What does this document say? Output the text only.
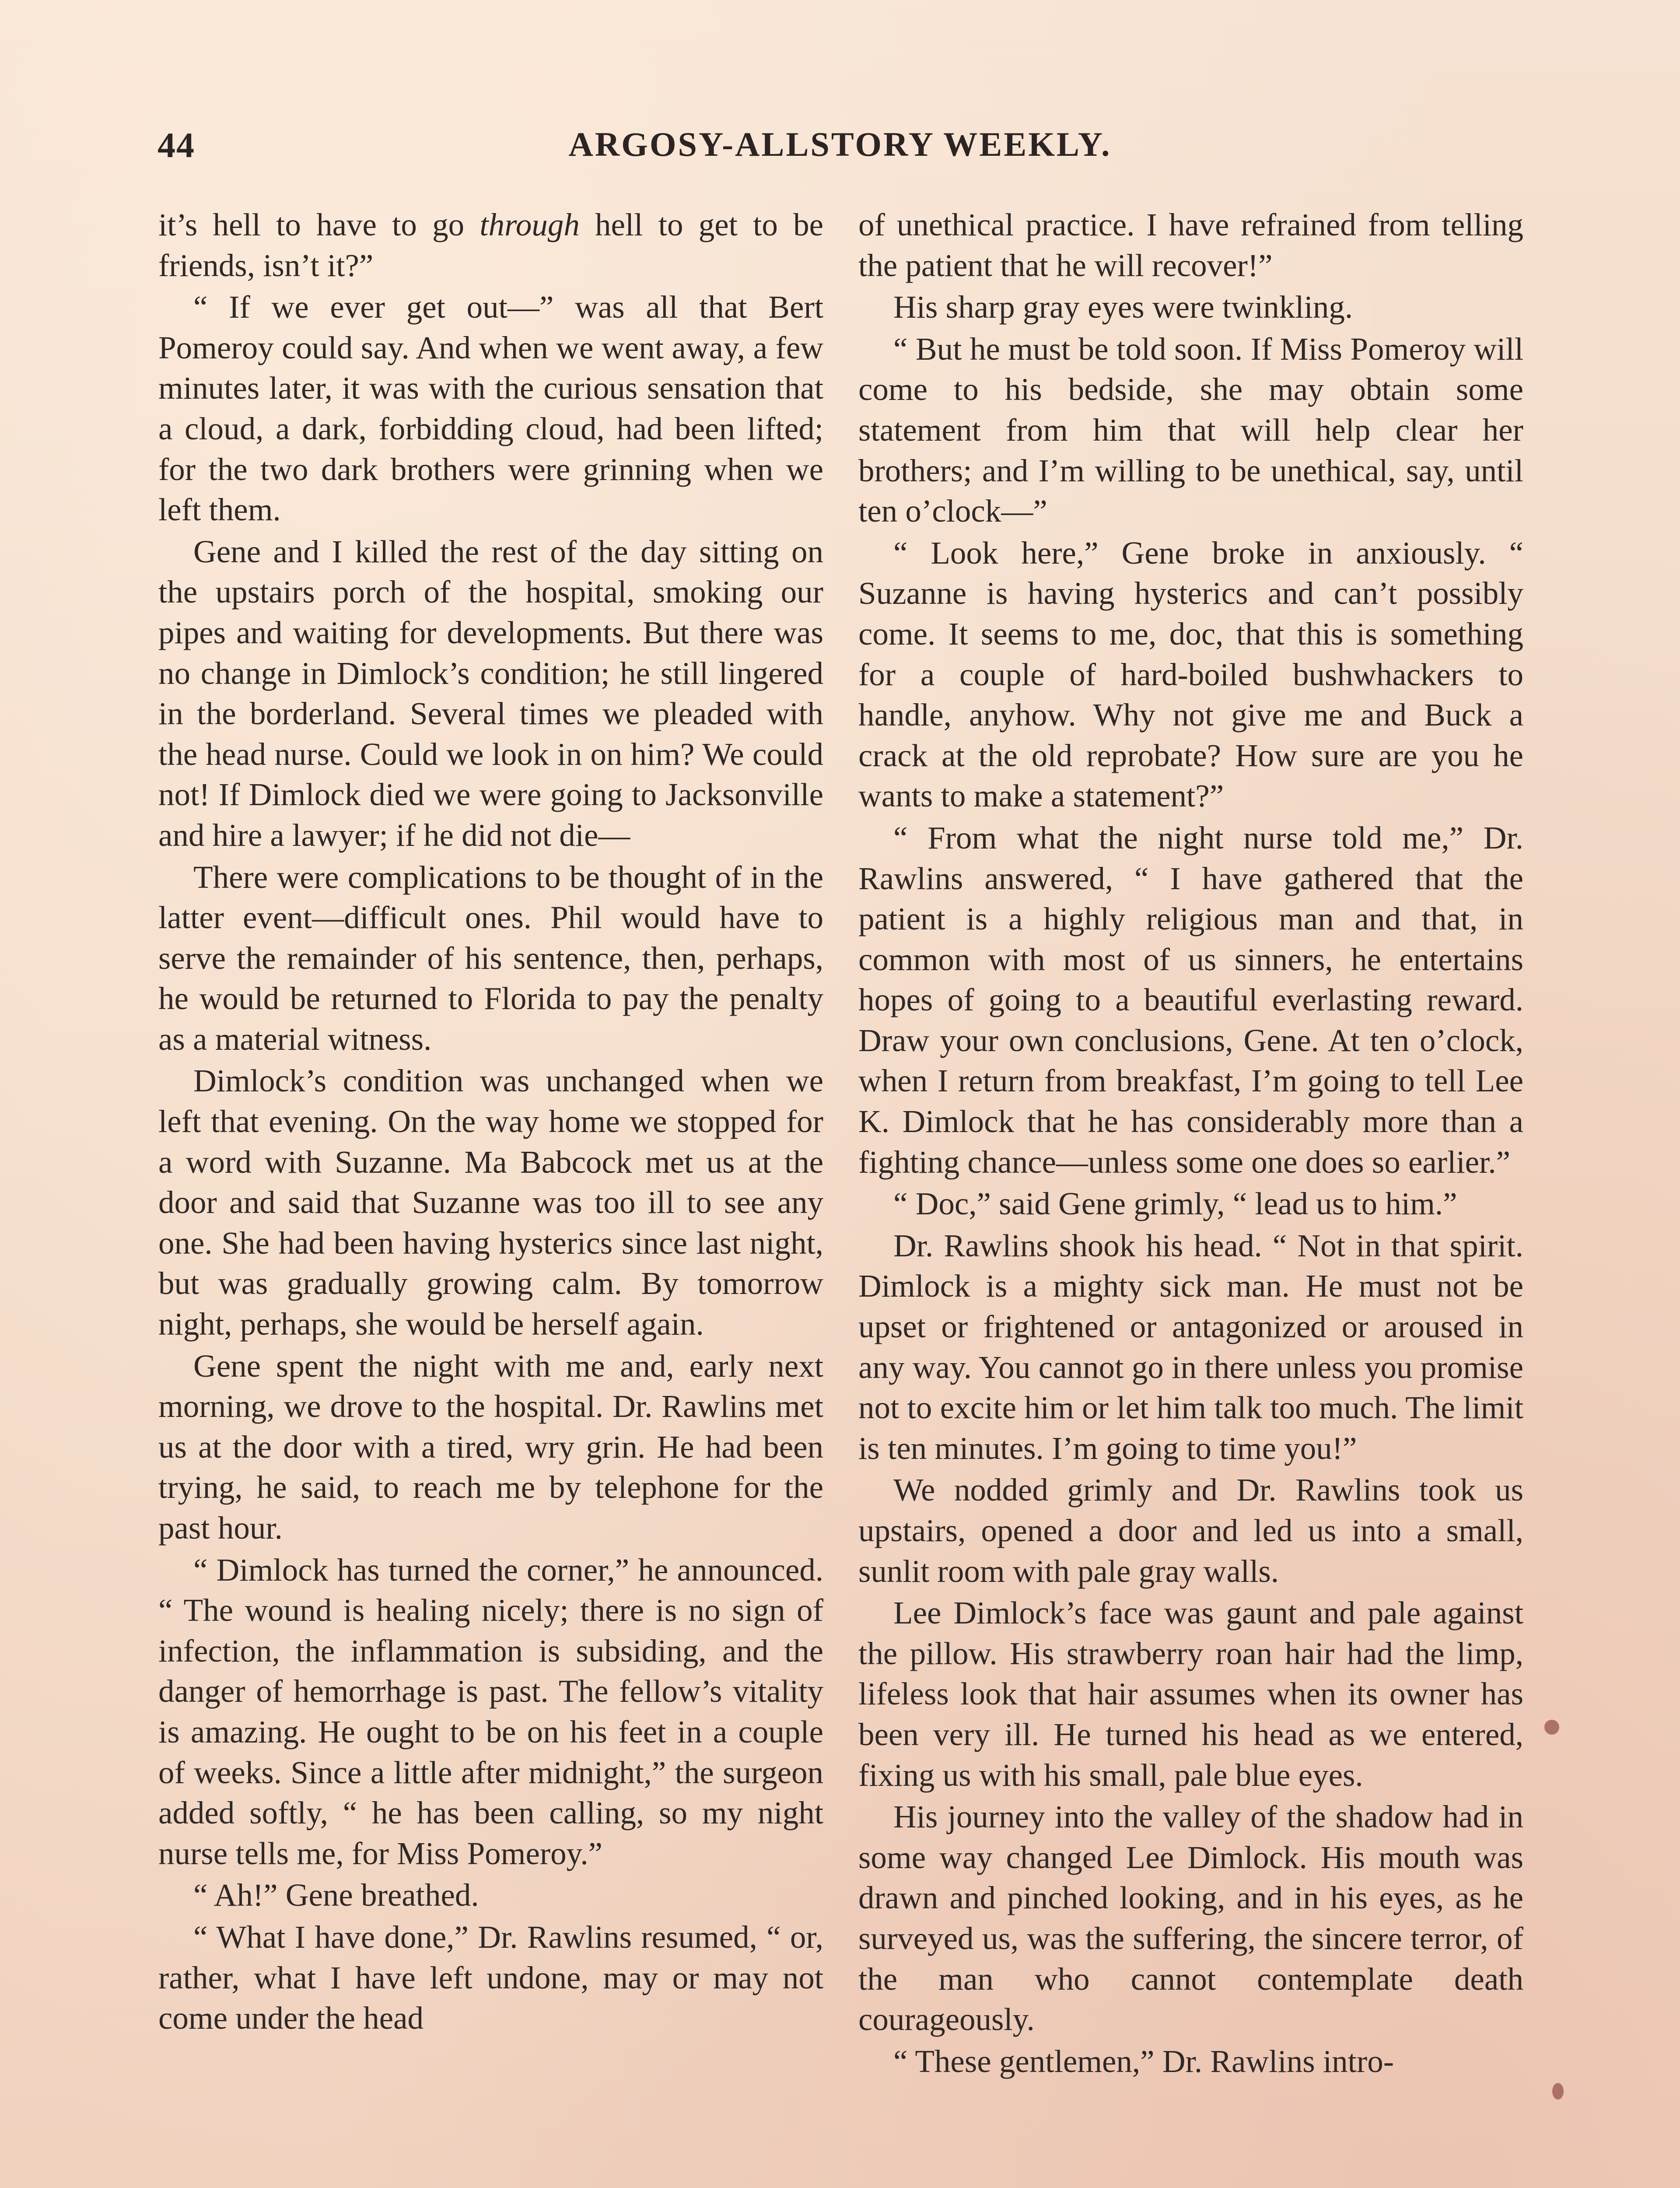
44	ARGOSY-ALLSTORY WEEKLY.

it’s hell to have to go through hell to get to be friends, isn’t it?”

“ If we ever get out—” was all that Bert Pomeroy could say. And when we went away, a few minutes later, it was with the curious sensation that a cloud, a dark, forbidding cloud, had been lifted; for the two dark brothers were grinning when we left them.

Gene and I killed the rest of the day sitting on the upstairs porch of the hospital, smoking our pipes and waiting for developments. But there was no change in Dimlock’s condition; he still lingered in the borderland. Several times we pleaded with the head nurse. Could we look in on him? We could not! If Dimlock died we were going to Jacksonville and hire a lawyer; if he did not die—

There were complications to be thought of in the latter event—difficult ones. Phil would have to serve the remainder of his sentence, then, perhaps, he would be returned to Florida to pay the penalty as a material witness.

Dimlock’s condition was unchanged when we left that evening. On the way home we stopped for a word with Suzanne. Ma Babcock met us at the door and said that Suzanne was too ill to see any one. She had been having hysterics since last night, but was gradually growing calm. By tomorrow night, perhaps, she would be herself again.

Gene spent the night with me and, early next morning, we drove to the hospital. Dr. Rawlins met us at the door with a tired, wry grin. He had been trying, he said, to reach me by telephone for the past hour.

“ Dimlock has turned the corner,” he announced. “ The wound is healing nicely; there is no sign of infection, the inflammation is subsiding, and the danger of hemorrhage is past. The fellow’s vitality is amazing. He ought to be on his feet in a couple of weeks. Since a little after midnight,” the surgeon added softly, “ he has been calling, so my night nurse tells me, for Miss Pomeroy.”

“ Ah!” Gene breathed.

“ What I have done,” Dr. Rawlins resumed, “ or, rather, what I have left undone, may or may not come under the head

of unethical practice. I have refrained from telling the patient that he will recover!”

His sharp gray eyes were twinkling.

“ But he must be told soon. If Miss Pomeroy will come to his bedside, she may obtain some statement from him that will help clear her brothers; and I’m willing to be unethical, say, until ten o’clock—”

“ Look here,” Gene broke in anxiously. “ Suzanne is having hysterics and can’t possibly come. It seems to me, doc, that this is something for a couple of hard-boiled bushwhackers to handle, anyhow. Why not give me and Buck a crack at the old reprobate? How sure are you he wants to make a statement?”

“ From what the night nurse told me,” Dr. Rawlins answered, “ I have gathered that the patient is a highly religious man and that, in common with most of us sinners, he entertains hopes of going to a beautiful everlasting reward. Draw your own conclusions, Gene. At ten o’clock, when I return from breakfast, I’m going to tell Lee K. Dimlock that he has considerably more than a fighting chance—unless some one does so earlier.”

“ Doc,” said Gene grimly, “ lead us to him.”

Dr. Rawlins shook his head. “ Not in that spirit. Dimlock is a mighty sick man. He must not be upset or frightened or antagonized or aroused in any way. You cannot go in there unless you promise not to excite him or let him talk too much. The limit is ten minutes. I’m going to time you!”

We nodded grimly and Dr. Rawlins took us upstairs, opened a door and led us into a small, sunlit room with pale gray walls.

Lee Dimlock’s face was gaunt and pale against the pillow. His strawberry roan hair had the limp, lifeless look that hair assumes when its owner has been very ill. He turned his head as we entered, fixing us with his small, pale blue eyes.

His journey into the valley of the shadow had in some way changed Lee Dimlock. His mouth was drawn and pinched looking, and in his eyes, as he surveyed us, was the suffering, the sincere terror, of the man who cannot contemplate death courageously.

“ These gentlemen,” Dr. Rawlins intro-
